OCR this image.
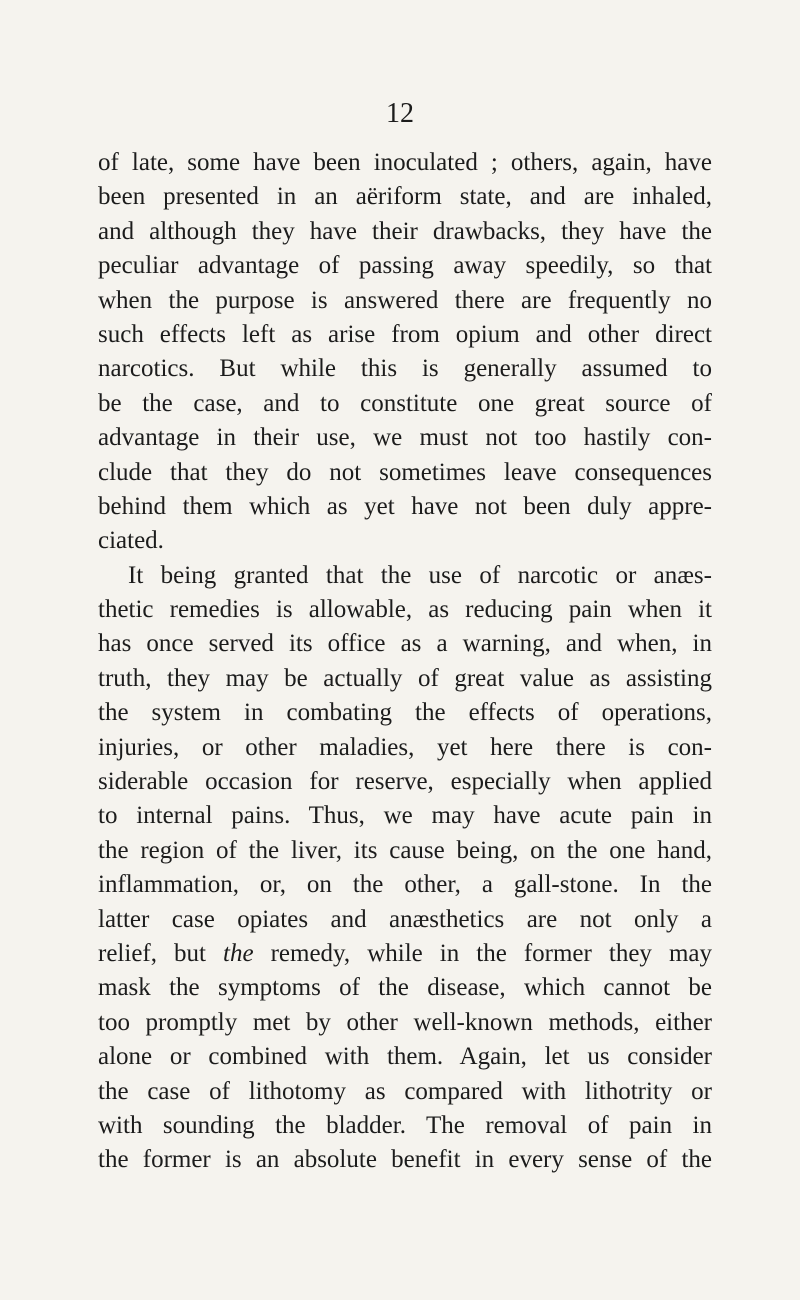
12
of late, some have been inoculated ; others, again, have
been presented in an aëriform state, and are inhaled,
and although they have their drawbacks, they have the
peculiar advantage of passing away speedily, so that
when the purpose is answered there are frequently no
such effects left as arise from opium and other direct
narcotics. But while this is generally assumed to
be the case, and to constitute one great source of
advantage in their use, we must not too hastily con-
clude that they do not sometimes leave consequences
behind them which as yet have not been duly appre-
ciated.
It being granted that the use of narcotic or anæs-
thetic remedies is allowable, as reducing pain when it
has once served its office as a warning, and when, in
truth, they may be actually of great value as assisting
the system in combating the effects of operations,
injuries, or other maladies, yet here there is con-
siderable occasion for reserve, especially when applied
to internal pains. Thus, we may have acute pain in
the region of the liver, its cause being, on the one hand,
inflammation, or, on the other, a gall-stone. In the
latter case opiates and anæsthetics are not only a
relief, but the remedy, while in the former they may
mask the symptoms of the disease, which cannot be
too promptly met by other well-known methods, either
alone or combined with them. Again, let us consider
the case of lithotomy as compared with lithotrity or
with sounding the bladder. The removal of pain in
the former is an absolute benefit in every sense of the
